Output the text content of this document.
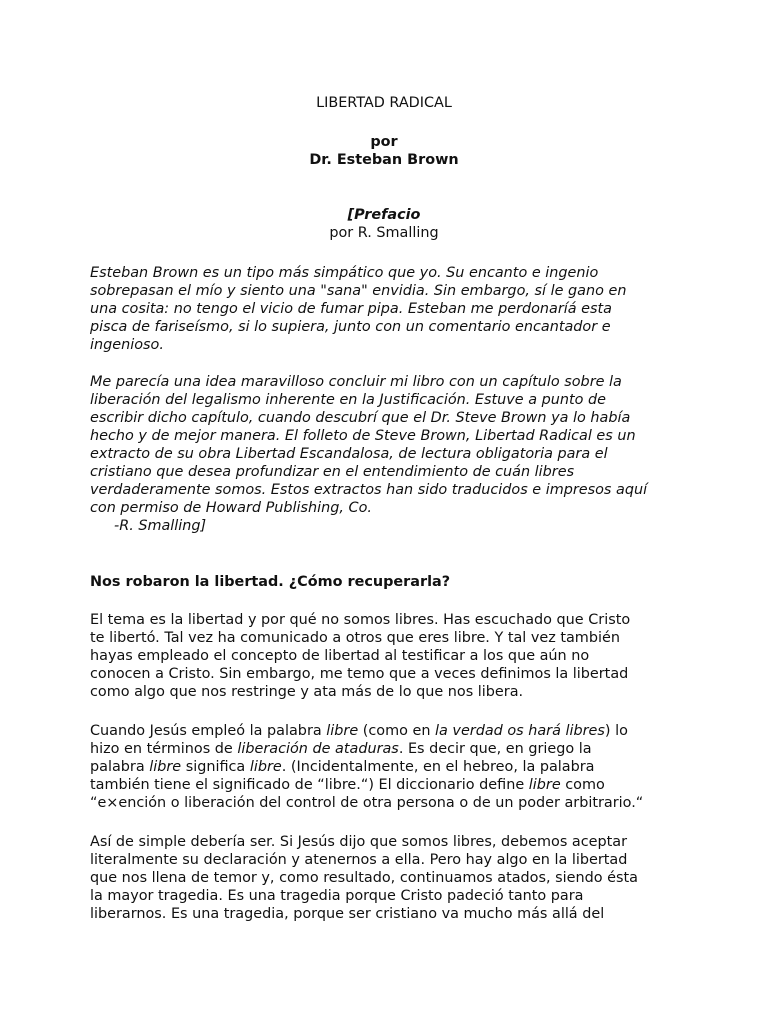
LIBERTAD RADICAL
por
Dr. Esteban Brown
[Prefacio
por R. Smalling
Esteban Brown es un tipo más simpático que yo. Su encanto e ingenio
sobrepasan el mío y siento una "sana" envidia. Sin embargo, sí le gano en
una cosita: no tengo el vicio de fumar pipa. Esteban me perdonaríá esta
pisca de fariseísmo, si lo supiera, junto con un comentario encantador e
ingenioso.
Me parecía una idea maravilloso concluir mi libro con un capítulo sobre la
liberación del legalismo inherente en la Justificación. Estuve a punto de
escribir dicho capítulo, cuando descubrí que el Dr. Steve Brown ya lo había
hecho y de mejor manera. El folleto de Steve Brown, Libertad Radical es un
extracto de su obra Libertad Escandalosa, de lectura obligatoria para el
cristiano que desea profundizar en el entendimiento de cuán libres
verdaderamente somos. Estos extractos han sido traducidos e impresos aquí
con permiso de Howard Publishing, Co.
-R. Smalling]
Nos robaron la libertad. ¿Cómo recuperarla?
El tema es la libertad y por qué no somos libres. Has escuchado que Cristo
te libertó. Tal vez ha comunicado a otros que eres libre. Y tal vez también
hayas empleado el concepto de libertad al testificar a los que aún no
conocen a Cristo. Sin embargo, me temo que a veces definimos la libertad
como algo que nos restringe y ata más de lo que nos libera.
Cuando Jesús empleó la palabra libre (como en la verdad os hará libres) lo
hizo en términos de liberación de ataduras. Es decir que, en griego la
palabra libre significa libre. (Incidentalmente, en el hebreo, la palabra
también tiene el significado de “libre.“) El diccionario define libre como
“e×ención o liberación del control de otra persona o de un poder arbitrario.“
Así de simple debería ser. Si Jesús dijo que somos libres, debemos aceptar
literalmente su declaración y atenernos a ella. Pero hay algo en la libertad
que nos llena de temor y, como resultado, continuamos atados, siendo ésta
la mayor tragedia. Es una tragedia porque Cristo padeció tanto para
liberarnos. Es una tragedia, porque ser cristiano va mucho más allá del
